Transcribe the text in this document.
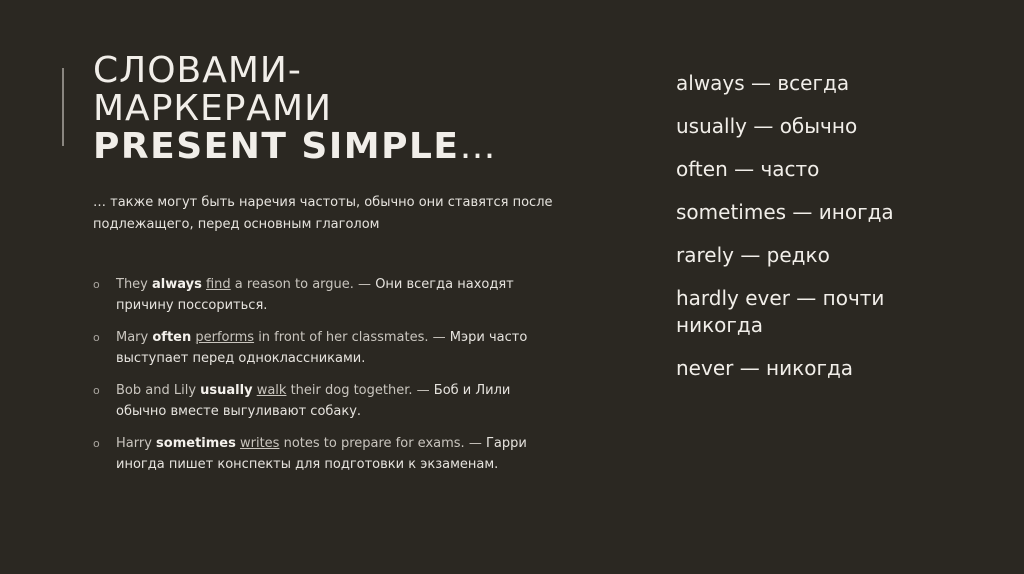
СЛОВАМИ-
МАРКЕРАМИ
PRESENT SIMPLE…
… также могут быть наречия частоты, обычно они ставятся после подлежащего, перед основным глаголом
o They always find a reason to argue. — Они всегда находят причину поссориться.
o Mary often performs in front of her classmates. — Мэри часто выступает перед одноклассниками.
o Bob and Lily usually walk their dog together. — Боб и Лили обычно вместе выгуливают собаку.
o Harry sometimes writes notes to prepare for exams. — Гарри иногда пишет конспекты для подготовки к экзаменам.
always — всегда
usually — обычно
often — часто
sometimes — иногда
rarely — редко
hardly ever — почти никогда
never — никогда
